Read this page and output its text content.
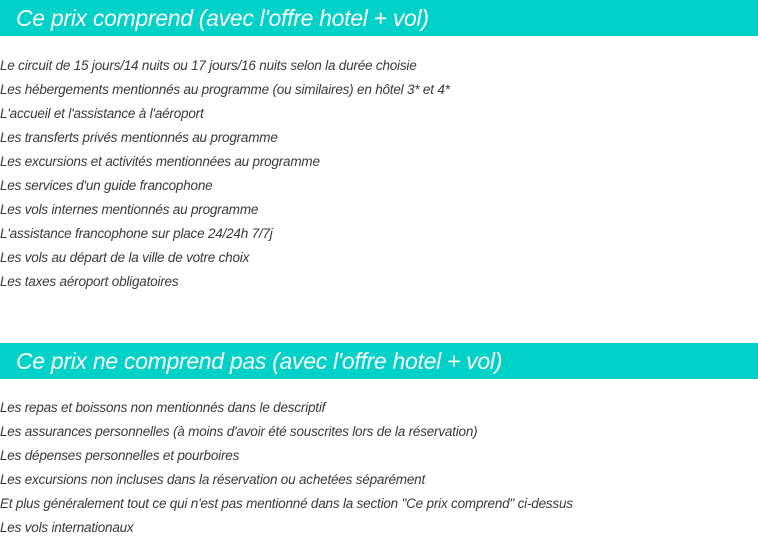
Ce prix comprend (avec l'offre hotel + vol)
Le circuit de 15 jours/14 nuits ou 17 jours/16 nuits selon la durée choisie
Les hébergements mentionnés au programme (ou similaires) en hôtel 3* et 4*
L'accueil et l'assistance à l'aéroport
Les transferts privés mentionnés au programme
Les excursions et activités mentionnées au programme
Les services d'un guide francophone
Les vols internes mentionnés au programme
L'assistance francophone sur place 24/24h 7/7j
Les vols au départ de la ville de votre choix
Les taxes aéroport obligatoires
Ce prix ne comprend pas (avec l'offre hotel + vol)
Les repas et boissons non mentionnés dans le descriptif
Les assurances personnelles (à moins d'avoir été souscrites lors de la réservation)
Les dépenses personnelles et pourboires
Les excursions non incluses dans la réservation ou achetées séparément
Et plus généralement tout ce qui n'est pas mentionné dans la section "Ce prix comprend" ci-dessus
Les vols internationaux
